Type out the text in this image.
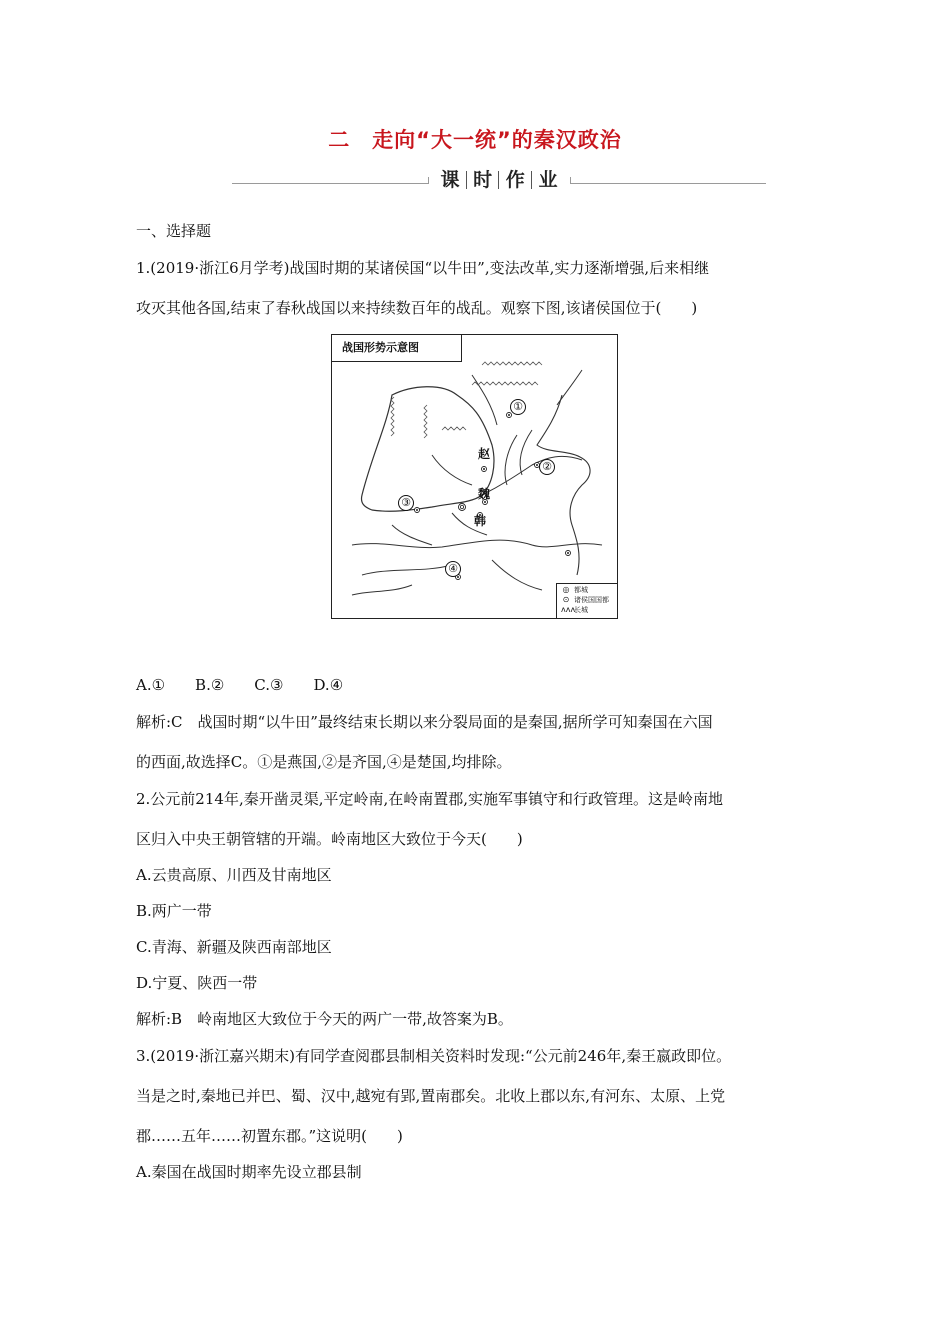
二　走向“大一统”的秦汉政治
课 时 作 业
一、选择题
1.(2019·浙江6月学考)战国时期的某诸侯国“以牛田”,变法改革,实力逐渐增强,后来相继
攻灭其他各国,结束了春秋战国以来持续数百年的战乱。观察下图,该诸侯国位于(　　)
战国形势示意图
赵
魏
韩
①
②
③
④
◎ 都城
⊙ 诸侯国国都
ᴧᴧᴧ
长城
A.①　　B.②　　C.③　　D.④
解析:C　战国时期“以牛田”最终结束长期以来分裂局面的是秦国,据所学可知秦国在六国
的西面,故选择C。①是燕国,②是齐国,④是楚国,均排除。
2.公元前214年,秦开凿灵渠,平定岭南,在岭南置郡,实施军事镇守和行政管理。这是岭南地
区归入中央王朝管辖的开端。岭南地区大致位于今天(　　)
A.云贵高原、川西及甘南地区
B.两广一带
C.青海、新疆及陕西南部地区
D.宁夏、陕西一带
解析:B　岭南地区大致位于今天的两广一带,故答案为B。
3.(2019·浙江嘉兴期末)有同学查阅郡县制相关资料时发现:“公元前246年,秦王嬴政即位。
当是之时,秦地已并巴、蜀、汉中,越宛有郢,置南郡矣。北收上郡以东,有河东、太原、上党
郡……五年……初置东郡。”这说明(　　)
A.秦国在战国时期率先设立郡县制
